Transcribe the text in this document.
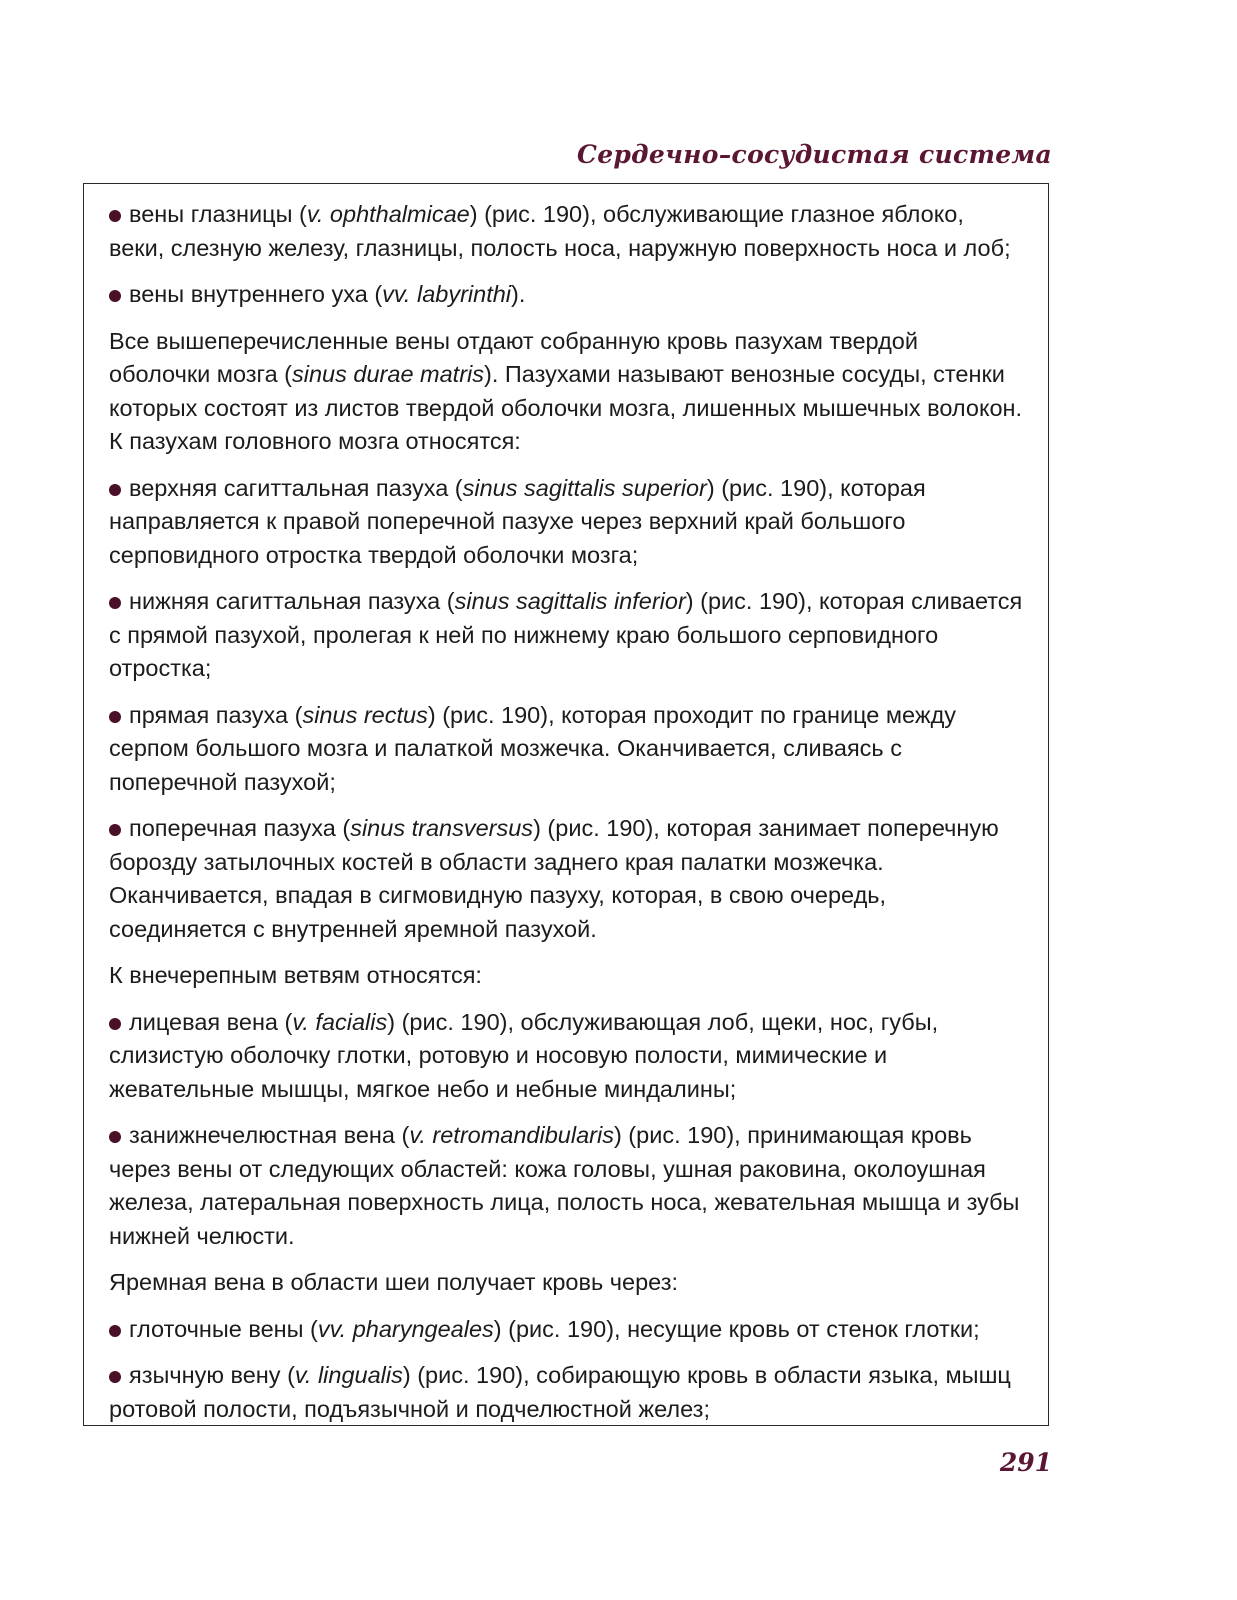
Сердечно–сосудистая система

вены глазницы (v. ophthalmicae) (рис. 190), обслуживающие глазное яблоко, веки, слезную железу, глазницы, полость носа, наружную поверхность носа и лоб;

вены внутреннего уха (vv. labyrinthi).

Все вышеперечисленные вены отдают собранную кровь пазухам твердой оболочки мозга (sinus durae matris). Пазухами называют венозные сосуды, стенки которых состоят из листов твердой оболочки мозга, лишенных мышечных волокон. К пазухам головного мозга относятся:

верхняя сагиттальная пазуха (sinus sagittalis superior) (рис. 190), которая направляется к правой поперечной пазухе через верхний край большого серповидного отростка твердой оболочки мозга;

нижняя сагиттальная пазуха (sinus sagittalis inferior) (рис. 190), которая сливается с прямой пазухой, пролегая к ней по нижнему краю большого серповидного отростка;

прямая пазуха (sinus rectus) (рис. 190), которая проходит по границе между серпом большого мозга и палаткой мозжечка. Оканчивается, сливаясь с поперечной пазухой;

поперечная пазуха (sinus transversus) (рис. 190), которая занимает поперечную борозду затылочных костей в области заднего края палатки мозжечка. Оканчивается, впадая в сигмовидную пазуху, которая, в свою очередь, соединяется с внутренней яремной пазухой.

К внечерепным ветвям относятся:

лицевая вена (v. facialis) (рис. 190), обслуживающая лоб, щеки, нос, губы, слизистую оболочку глотки, ротовую и носовую полости, мимические и жевательные мышцы, мягкое небо и небные миндалины;

занижнечелюстная вена (v. retromandibularis) (рис. 190), принимающая кровь через вены от следующих областей: кожа головы, ушная раковина, околоушная железа, латеральная поверхность лица, полость носа, жевательная мышца и зубы нижней челюсти.

Яремная вена в области шеи получает кровь через:

глоточные вены (vv. pharyngeales) (рис. 190), несущие кровь от стенок глотки;

язычную вену (v. lingualis) (рис. 190), собирающую кровь в области языка, мышц ротовой полости, подъязычной и подчелюстной желез;

291
